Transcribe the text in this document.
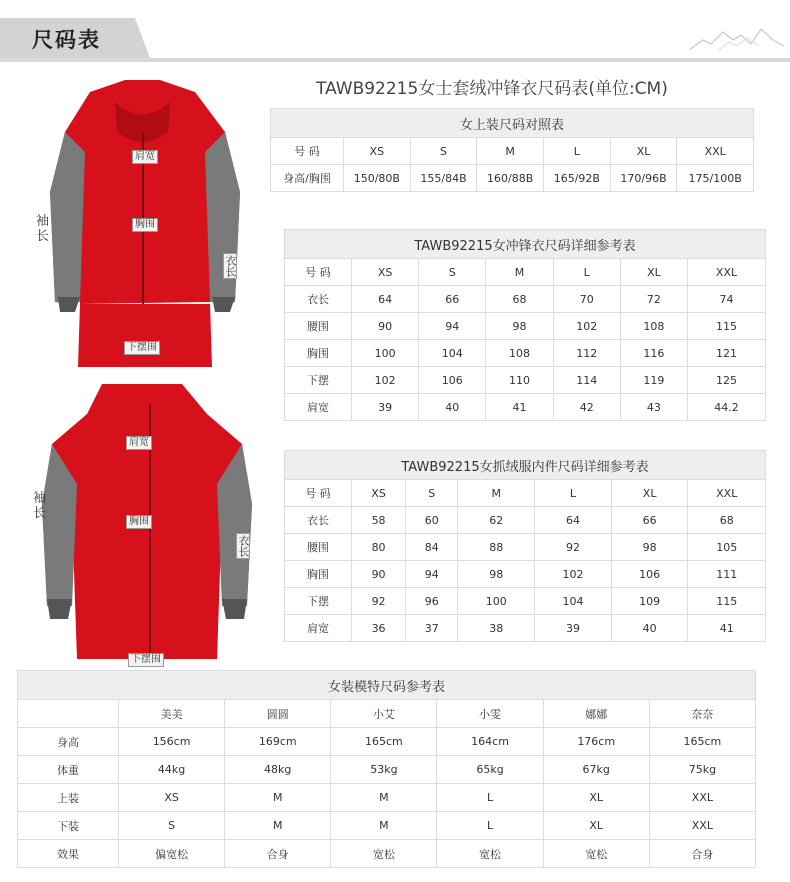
尺码表
TAWB92215女士套绒冲锋衣尺码表(单位:CM)
肩宽
胸围
下摆围
衣长
袖长
肩宽
胸围
下摆围
衣长
袖长
女上装尺码对照表						
号 码	XS	S	M	L	XL	XXL
身高/胸围	150/80B	155/84B	160/88B	165/92B	170/96B	175/100B
TAWB92215女冲锋衣尺码详细参考表						
号 码	XS	S	M	L	XL	XXL
衣长	64	66	68	70	72	74
腰围	90	94	98	102	108	115
胸围	100	104	108	112	116	121
下摆	102	106	110	114	119	125
肩宽	39	40	41	42	43	44.2
TAWB92215女抓绒服内件尺码详细参考表						
号 码	XS	S	M	L	XL	XXL
衣长	58	60	62	64	66	68
腰围	80	84	88	92	98	105
胸围	90	94	98	102	106	111
下摆	92	96	100	104	109	115
肩宽	36	37	38	39	40	41
女装模特尺码参考表						
	美美	圆圆	小艾	小雯	娜娜	奈奈
身高	156cm	169cm	165cm	164cm	176cm	165cm
体重	44kg	48kg	53kg	65kg	67kg	75kg
上装	XS	M	M	L	XL	XXL
下装	S	M	M	L	XL	XXL
效果	偏宽松	合身	宽松	宽松	宽松	合身
